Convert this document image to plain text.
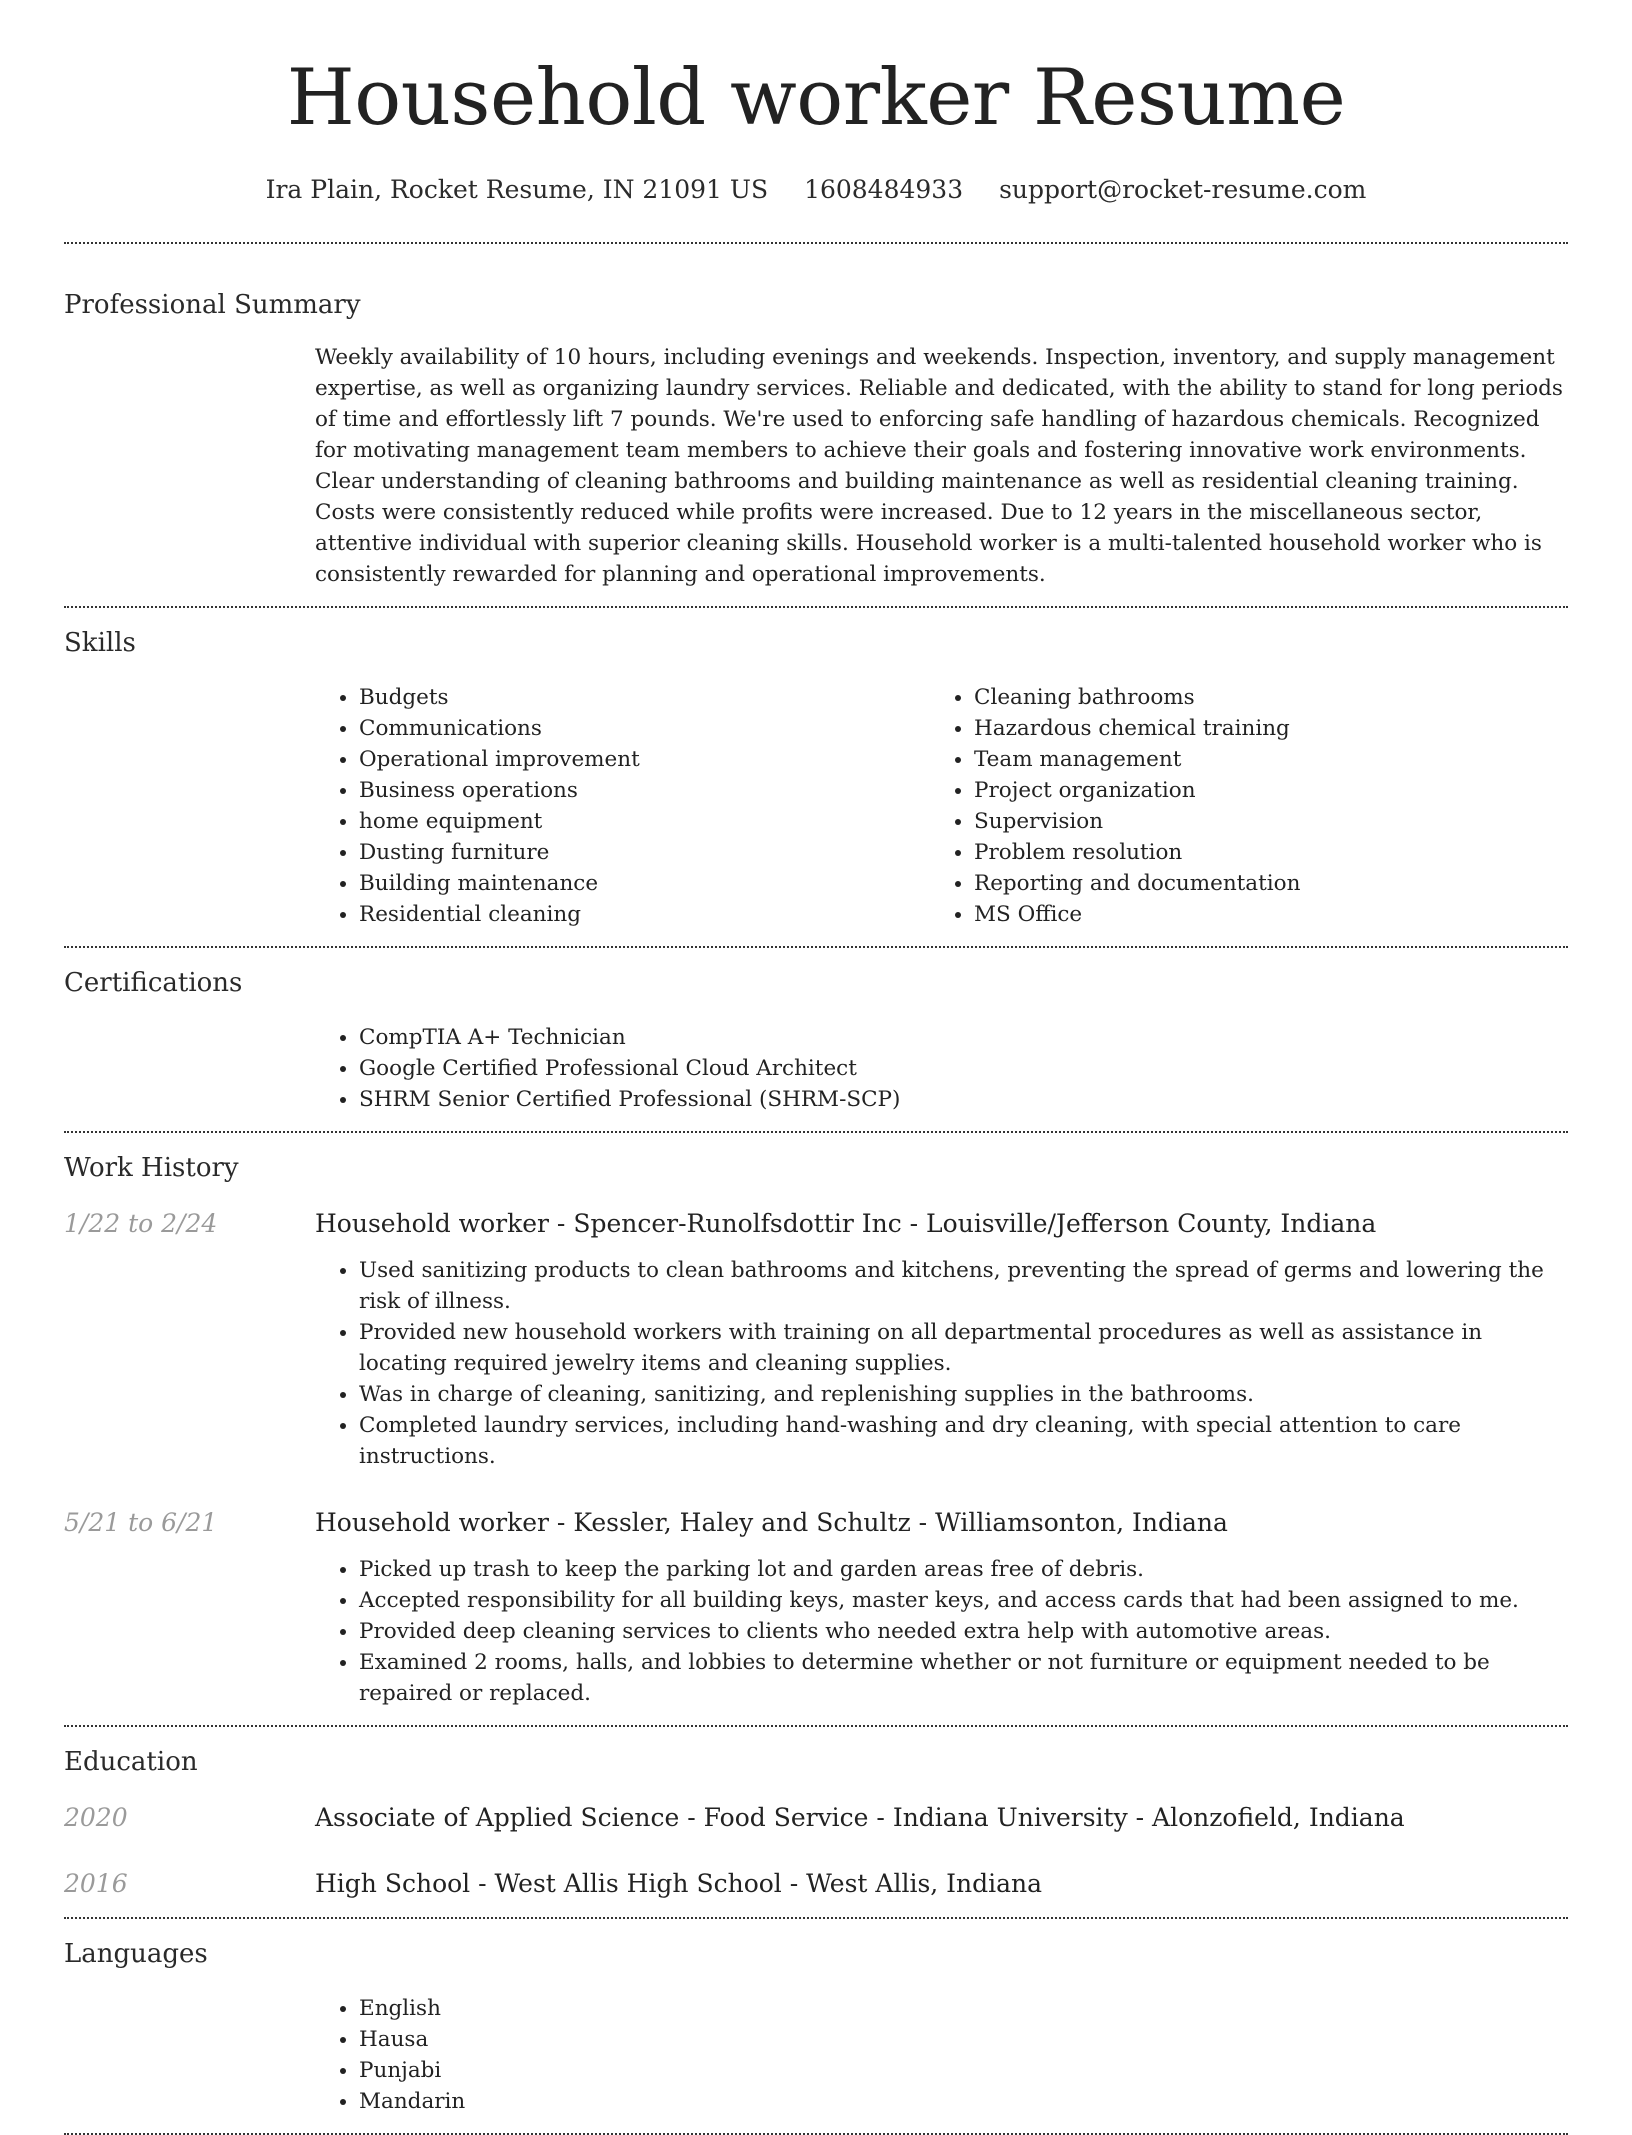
Household worker Resume
Ira Plain, Rocket Resume, IN 21091 US 1608484933 support@rocket-resume.com
Professional Summary

Weekly availability of 10 hours, including evenings and weekends. Inspection, inventory, and supply management expertise, as well as organizing laundry services. Reliable and dedicated, with the ability to stand for long periods of time and effortlessly lift 7 pounds. We're used to enforcing safe handling of hazardous chemicals. Recognized for motivating management team members to achieve their goals and fostering innovative work environments. Clear understanding of cleaning bathrooms and building maintenance as well as residential cleaning training. Costs were consistently reduced while profits were increased. Due to 12 years in the miscellaneous sector, attentive individual with superior cleaning skills. Household worker is a multi-talented household worker who is consistently rewarded for planning and operational improvements.

Skills
• Budgets
• Communications
• Operational improvement
• Business operations
• home equipment
• Dusting furniture
• Building maintenance
• Residential cleaning
• Cleaning bathrooms
• Hazardous chemical training
• Team management
• Project organization
• Supervision
• Problem resolution
• Reporting and documentation
• MS Office
Certifications
• CompTIA A+ Technician
• Google Certified Professional Cloud Architect
• SHRM Senior Certified Professional (SHRM-SCP)
Work History
1/22 to 2/24	Household worker - Spencer-Runolfsdottir Inc - Louisville/Jefferson County, Indiana
• Used sanitizing products to clean bathrooms and kitchens, preventing the spread of germs and lowering the risk of illness.
• Provided new household workers with training on all departmental procedures as well as assistance in locating required jewelry items and cleaning supplies.
• Was in charge of cleaning, sanitizing, and replenishing supplies in the bathrooms.
• Completed laundry services, including hand-washing and dry cleaning, with special attention to care instructions.
5/21 to 6/21	Household worker - Kessler, Haley and Schultz - Williamsonton, Indiana
• Picked up trash to keep the parking lot and garden areas free of debris.
• Accepted responsibility for all building keys, master keys, and access cards that had been assigned to me.
• Provided deep cleaning services to clients who needed extra help with automotive areas.
• Examined 2 rooms, halls, and lobbies to determine whether or not furniture or equipment needed to be repaired or replaced.
Education
2020	Associate of Applied Science - Food Service - Indiana University - Alonzofield, Indiana
2016	High School - West Allis High School - West Allis, Indiana
Languages
• English
• Hausa
• Punjabi
• Mandarin
